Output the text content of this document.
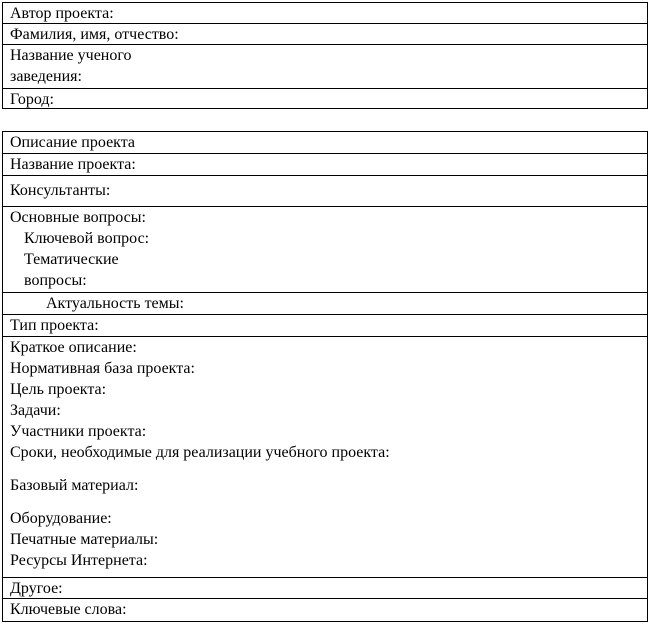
Автор проекта:
Фамилия, имя, отчество:
Название ученого
заведения:
Город:
Описание проекта
Название проекта:
Консультанты:
Основные вопросы:
Ключевой вопрос:
Тематические
вопросы:
Актуальность темы:
Тип проекта:
Краткое описание:
Нормативная база проекта:
Цель проекта:
Задачи:
Участники проекта:
Сроки, необходимые для реализации учебного проекта:
Базовый материал:
Оборудование:
Печатные материалы:
Ресурсы Интернета:
Другое:
Ключевые слова:
